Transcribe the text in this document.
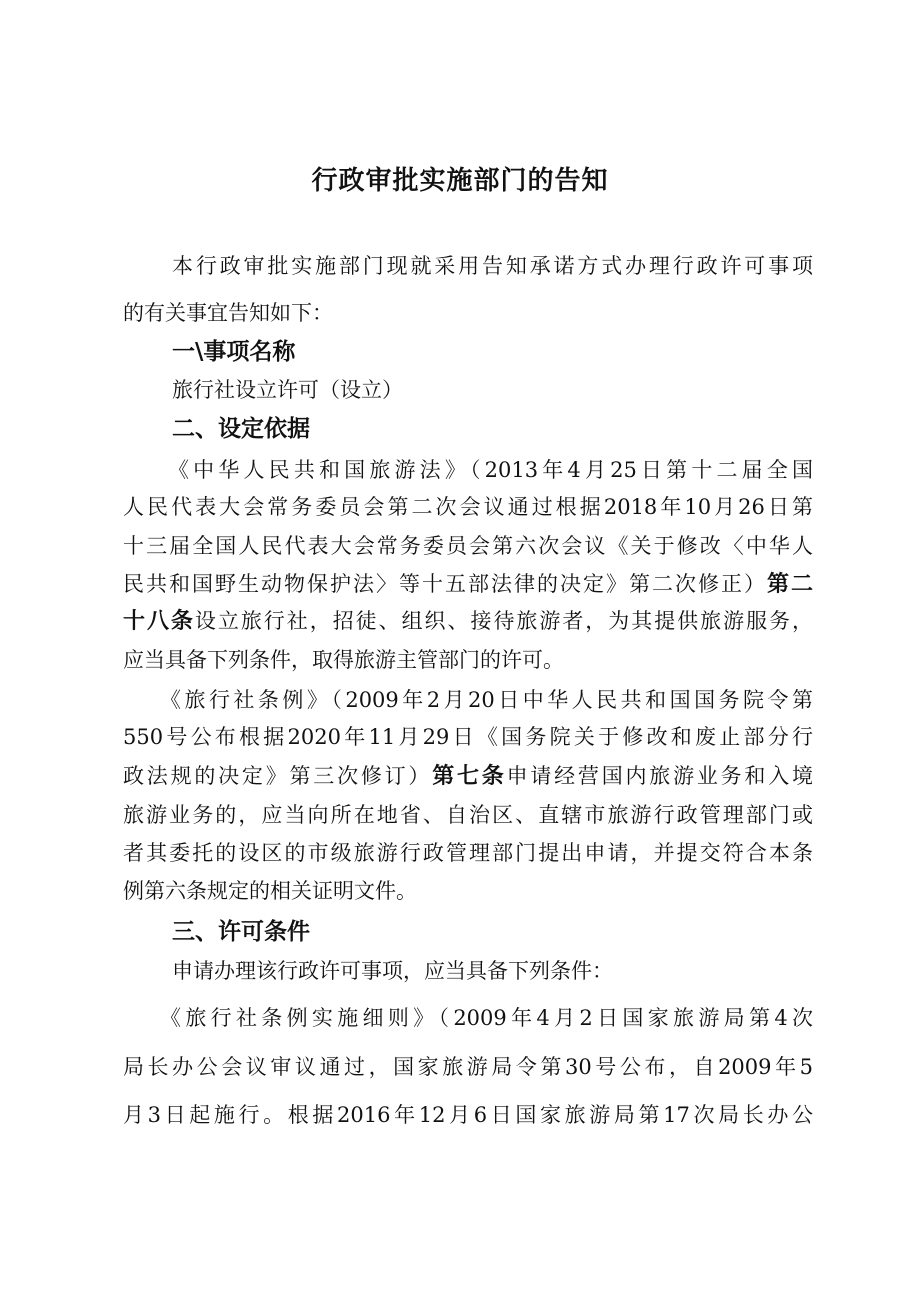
行政审批实施部门的告知
本行政审批实施部门现就采用告知承诺方式办理行政许可事项
的有关事宜告知如下：
一\事项名称
旅行社设立许可（设立）
二、设定依据
《中华人民共和国旅游法》（2013年4月25日第十二届全国
人民代表大会常务委员会第二次会议通过根据2018年10月26日第
十三届全国人民代表大会常务委员会第六次会议《关于修改〈中华人
民共和国野生动物保护法〉等十五部法律的决定》第二次修正）第二
十八条设立旅行社，招徒、组织、接待旅游者，为其提供旅游服务，
应当具备下列条件，取得旅游主管部门的许可。
《旅行社条例》（2009年2月20日中华人民共和国国务院令第
550号公布根据2020年11月29日《国务院关于修改和废止部分行
政法规的决定》第三次修订）第七条申请经营国内旅游业务和入境
旅游业务的，应当向所在地省、自治区、直辖市旅游行政管理部门或
者其委托的设区的市级旅游行政管理部门提出申请，并提交符合本条
例第六条规定的相关证明文件。
三、许可条件
申请办理该行政许可事项，应当具备下列条件：
《旅行社条例实施细则》（2009年4月2日国家旅游局第4次
局长办公会议审议通过，国家旅游局令第30号公布，自2009年5
月3日起施行。根据2016年12月6日国家旅游局第17次局长办公
